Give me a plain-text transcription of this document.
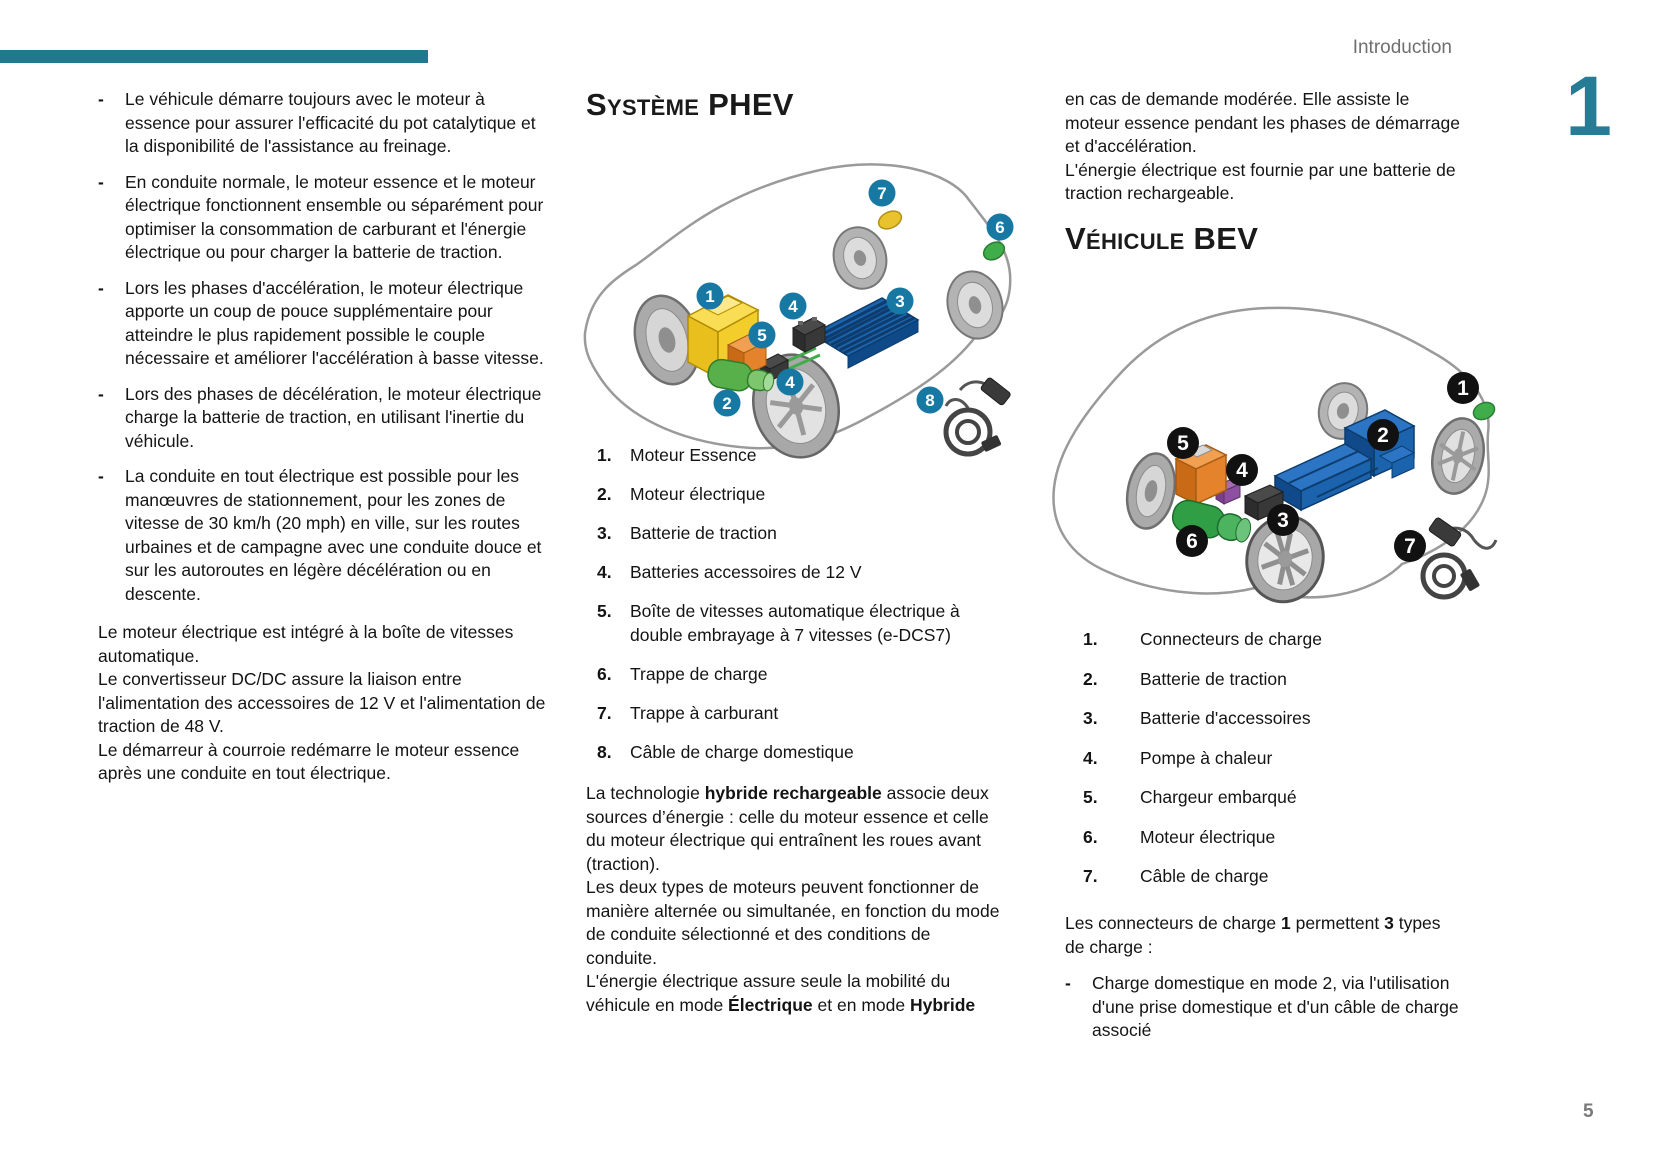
Introduction
1
5
- Le véhicule démarre toujours avec le moteur à essence pour assurer l'efficacité du pot catalytique et la disponibilité de l'assistance au freinage.
- En conduite normale, le moteur essence et le moteur électrique fonctionnent ensemble ou séparément pour optimiser la consommation de carburant et l'énergie électrique ou pour charger la batterie de traction.
- Lors les phases d'accélération, le moteur électrique apporte un coup de pouce supplémentaire pour atteindre le plus rapidement possible le couple nécessaire et améliorer l'accélération à basse vitesse.
- Lors des phases de décélération, le moteur électrique charge la batterie de traction, en utilisant l'inertie du véhicule.
- La conduite en tout électrique est possible pour les manœuvres de stationnement, pour les zones de vitesse de 30 km/h (20 mph) en ville, sur les routes urbaines et de campagne avec une conduite douce et sur les autoroutes en légère décélération ou en descente.

Le moteur électrique est intégré à la boîte de vitesses automatique.

Le convertisseur DC/DC assure la liaison entre l'alimentation des accessoires de 12 V et l'alimentation de traction de 48 V.

Le démarreur à courroie redémarre le moteur essence après une conduite en tout électrique.

Système PHEV
1
5
2
4
4
3
7
6
8
1. Moteur Essence
2. Moteur électrique
3. Batterie de traction
4. Batteries accessoires de 12 V
5. Boîte de vitesses automatique électrique à double embrayage à 7 vitesses (e-DCS7)
6. Trappe de charge
7. Trappe à carburant
8. Câble de charge domestique

La technologie hybride rechargeable associe deux sources d’énergie : celle du moteur essence et celle du moteur électrique qui entraînent les roues avant (traction).

Les deux types de moteurs peuvent fonctionner de manière alternée ou simultanée, en fonction du mode de conduite sélectionné et des conditions de conduite.

L'énergie électrique assure seule la mobilité du véhicule en mode Électrique et en mode Hybride

en cas de demande modérée. Elle assiste le moteur essence pendant les phases de démarrage et d'accélération.

L'énergie électrique est fournie par une batterie de traction rechargeable.

Véhicule BEV
1
2
3
4
5
6	7
1. Connecteurs de charge
2. Batterie de traction
3. Batterie d'accessoires
4. Pompe à chaleur
5. Chargeur embarqué
6. Moteur électrique
7. Câble de charge

Les connecteurs de charge 1 permettent 3 types de charge :

- Charge domestique en mode 2, via l'utilisation d'une prise domestique et d'un câble de charge associé
